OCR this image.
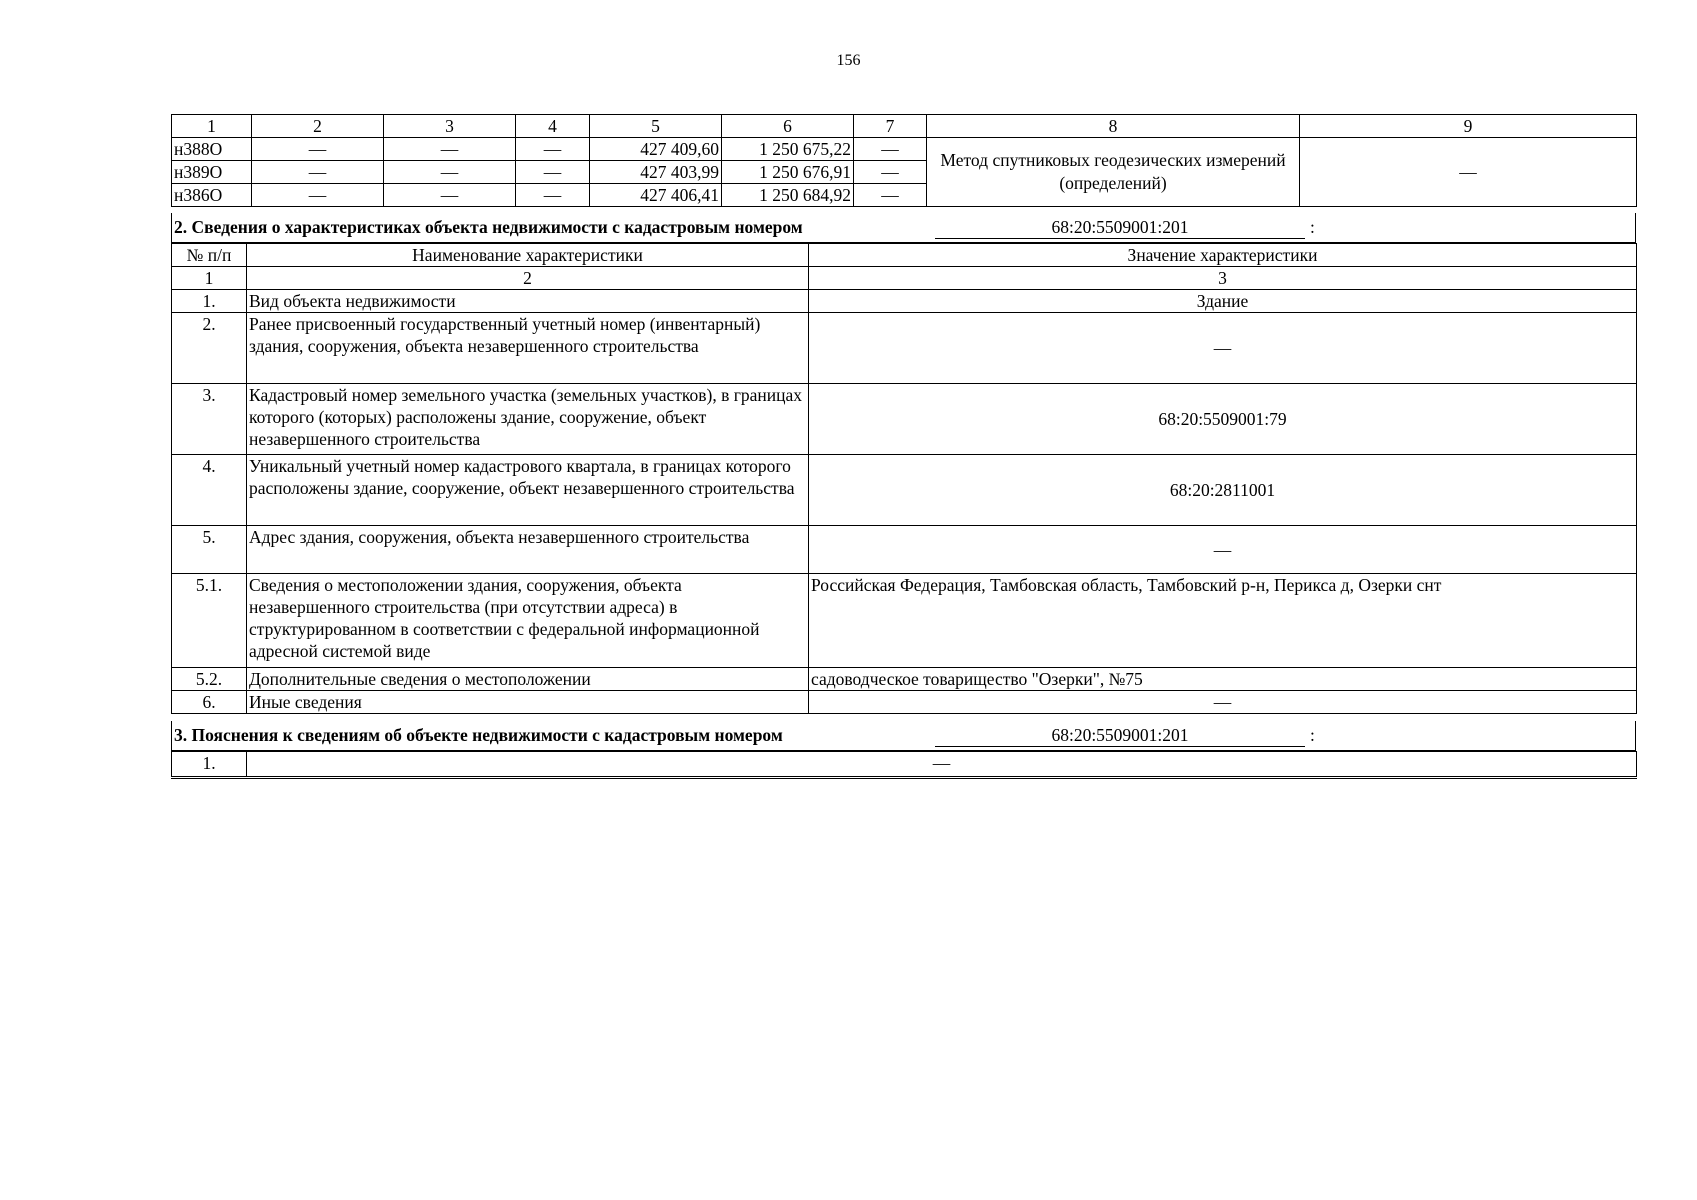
156
1	2	3	4	5	6	7	8	9
н388О	—	—	—	427 409,60	1 250 675,22	—	Метод спутниковых геодезических измерений (определений)	—
н389О	—	—	—	427 403,99	1 250 676,91	—		
н386О	—	—	—	427 406,41	1 250 684,92	—		
2. Сведения о характеристиках объекта недвижимости с кадастровым номером	68:20:5509001:201	:
№ п/п	Наименование характеристики	Значение характеристики
1	2	3
1.	Вид объекта недвижимости	Здание
2.	Ранее присвоенный государственный учетный номер (инвентарный) здания, сооружения, объекта незавершенного строительства	—
3.	Кадастровый номер земельного участка (земельных участков), в границах которого (которых) расположены здание, сооружение, объект незавершенного строительства	68:20:5509001:79
4.	Уникальный учетный номер кадастрового квартала, в границах которого расположены здание, сооружение, объект незавершенного строительства	68:20:2811001
5.	Адрес здания, сооружения, объекта незавершенного строительства	—
5.1.	Сведения о местоположении здания, сооружения, объекта незавершенного строительства (при отсутствии адреса) в структурированном в соответствии с федеральной информационной адресной системой виде	Российская Федерация, Тамбовская область, Тамбовский р-н, Перикса д, Озерки снт
5.2.	Дополнительные сведения о местоположении	садоводческое товарищество "Озерки", №75
6.	Иные сведения	—
3. Пояснения к сведениям об объекте недвижимости с кадастровым номером	68:20:5509001:201	:
1.	—
